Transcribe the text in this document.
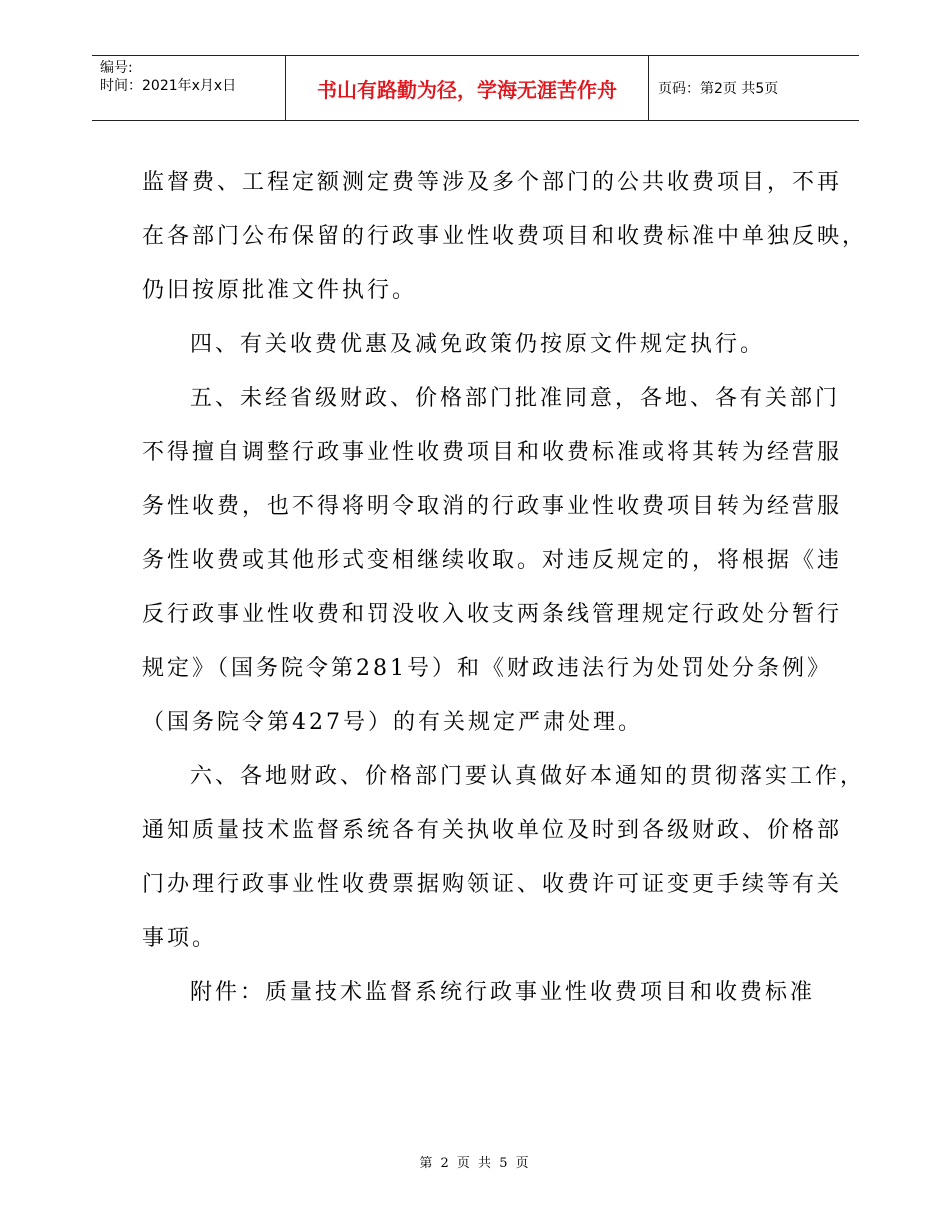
编号:
时间：2021年x月x日	书山有路勤为径，学海无涯苦作舟	页码：第2页 共5页
监督费、工程定额测定费等涉及多个部门的公共收费项目，不再
在各部门公布保留的行政事业性收费项目和收费标准中单独反映，
仍旧按原批准文件执行。
四、有关收费优惠及减免政策仍按原文件规定执行。
五、未经省级财政、价格部门批准同意，各地、各有关部门
不得擅自调整行政事业性收费项目和收费标准或将其转为经营服
务性收费，也不得将明令取消的行政事业性收费项目转为经营服
务性收费或其他形式变相继续收取。对违反规定的，将根据《违
反行政事业性收费和罚没收入收支两条线管理规定行政处分暂行
规定》（国务院令第281号）和《财政违法行为处罚处分条例》
（国务院令第427号）的有关规定严肃处理。
六、各地财政、价格部门要认真做好本通知的贯彻落实工作，
通知质量技术监督系统各有关执收单位及时到各级财政、价格部
门办理行政事业性收费票据购领证、收费许可证变更手续等有关
事项。
附件：质量技术监督系统行政事业性收费项目和收费标准
第 2 页 共 5 页
